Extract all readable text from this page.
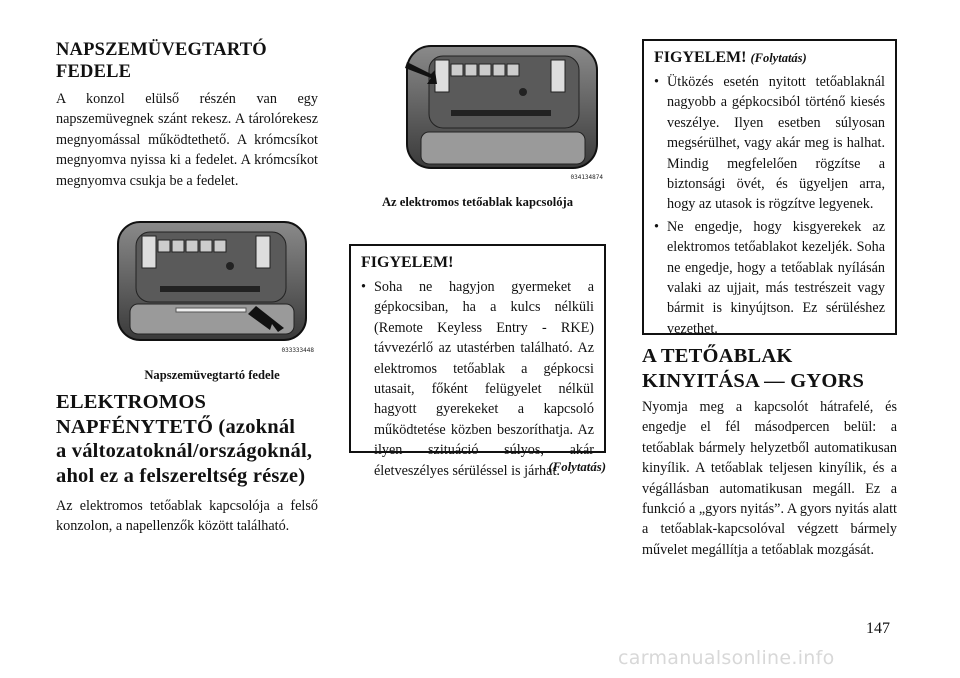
NAPSZEMÜVEGTARTÓ
FEDELE

A konzol elülső részén van egy napszemüvegnek szánt rekesz. A tárolórekesz megnyomással működtethető. A krómcsíkot megnyomva nyissa ki a fedelet. A krómcsíkot megnyomva csukja be a fedelet.

033333448

Napszemüvegtartó fedele

ELEKTROMOS
NAPFÉNYTETŐ (azoknál
a változatoknál/országoknál,
ahol ez a felszereltség része)

Az elektromos tetőablak kapcsolója a felső konzolon, a napellenzők között található.

034134874

Az elektromos tetőablak kapcsolója

FIGYELEM!

• Soha ne hagyjon gyermeket a gépkocsiban, ha a kulcs nélküli (Remote Keyless Entry - RKE) távvezérlő az utastérben található. Az elektromos tetőablak a gépkocsi utasait, főként felügyelet nélkül hagyott gyerekeket a kapcsoló működtetése közben beszoríthatja. Az ilyen szituáció súlyos, akár életveszélyes sérüléssel is járhat.

(Folytatás)

FIGYELEM! (Folytatás)

• Ütközés esetén nyitott tetőablaknál nagyobb a gépkocsiból történő kiesés veszélye. Ilyen esetben súlyosan megsérülhet, vagy akár meg is halhat. Mindig megfelelően rögzítse a biztonsági övét, és ügyeljen arra, hogy az utasok is rögzítve legyenek.
• Ne engedje, hogy kisgyerekek az elektromos tetőablakot kezeljék. Soha ne engedje, hogy a tetőablak nyílásán valaki az ujjait, más testrészeit vagy bármit is kinyújtson. Ez sérüléshez vezethet.
A TETŐABLAK
KINYITÁSA — GYORS

Nyomja meg a kapcsolót hátrafelé, és engedje el fél másodpercen belül: a tetőablak bármely helyzetből automatikusan kinyílik. A tetőablak teljesen kinyílik, és a végállásban automatikusan megáll. Ez a funkció a „gyors nyitás”. A gyors nyitás alatt a tetőablak-kapcsolóval végzett bármely művelet megállítja a tetőablak mozgását.

147
carmanualsonline.info
